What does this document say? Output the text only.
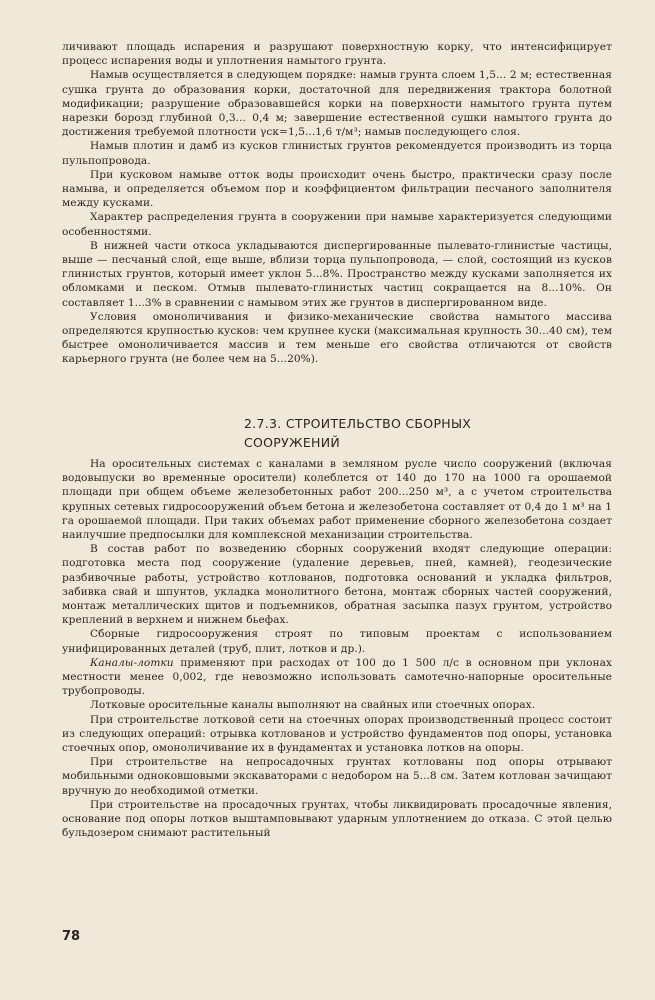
личивают площадь испарения и разрушают поверхностную корку, что интенсифицирует процесс испарения воды и уплотнения намытого грунта.

Намыв осуществляется в следующем порядке: намыв грунта слоем 1,5... 2 м; естественная сушка грунта до образования корки, достаточной для передвижения трактора болотной модификации; разрушение образовавшейся корки на поверхности намытого грунта путем нарезки борозд глубиной 0,3... 0,4 м; завершение естественной сушки намытого грунта до достижения требуемой плотности γск=1,5...1,6 т/м³; намыв последующего слоя.

Намыв плотин и дамб из кусков глинистых грунтов рекомендуется производить из торца пульпопровода.

При кусковом намыве отток воды происходит очень быстро, практически сразу после намыва, и определяется объемом пор и коэффициентом фильтрации песчаного заполнителя между кусками.

Характер распределения грунта в сооружении при намыве характеризуется следующими особенностями.

В нижней части откоса укладываются диспергированные пылевато-глинистые частицы, выше — песчаный слой, еще выше, вблизи торца пульпопровода, — слой, состоящий из кусков глинистых грунтов, который имеет уклон 5...8%. Пространство между кусками заполняется их обломками и песком. Отмыв пылевато-глинистых частиц сокращается на 8...10%. Он составляет 1...3% в сравнении с намывом этих же грунтов в диспергированном виде.

Условия омоноличивания и физико-механические свойства намытого массива определяются крупностью кусков: чем крупнее куски (максимальная крупность 30...40 см), тем быстрее омоноличивается массив и тем меньше его свойства отличаются от свойств карьерного грунта (не более чем на 5...20%).

2.7.3. СТРОИТЕЛЬСТВО СБОРНЫХ
СООРУЖЕНИЙ

На оросительных системах с каналами в земляном русле число сооружений (включая водовыпуски во временные оросители) колеблется от 140 до 170 на 1000 га орошаемой площади при общем объеме железобетонных работ 200...250 м³, а с учетом строительства крупных сетевых гидросооружений объем бетона и железобетона составляет от 0,4 до 1 м³ на 1 га орошаемой площади. При таких объемах работ применение сборного железобетона создает наилучшие предпосылки для комплексной механизации строительства.

В состав работ по возведению сборных сооружений входят следующие операции: подготовка места под сооружение (удаление деревьев, пней, камней), геодезические разбивочные работы, устройство котлованов, подготовка оснований и укладка фильтров, забивка свай и шпунтов, укладка монолитного бетона, монтаж сборных частей сооружений, монтаж металлических щитов и подъемников, обратная засыпка пазух грунтом, устройство креплений в верхнем и нижнем бьефах.

Сборные гидросооружения строят по типовым проектам с использованием унифицированных деталей (труб, плит, лотков и др.).

Каналы-лотки применяют при расходах от 100 до 1 500 л/с в основном при уклонах местности менее 0,002, где невозможно использовать самотечно-напорные оросительные трубопроводы.

Лотковые оросительные каналы выполняют на свайных или стоечных опорах.

При строительстве лотковой сети на стоечных опорах производственный процесс состоит из следующих операций: отрывка котлованов и устройство фундаментов под опоры, установка стоечных опор, омоноличивание их в фундаментах и установка лотков на опоры.

При строительстве на непросадочных грунтах котлованы под опоры отрывают мобильными одноковшовыми экскаваторами с недобором на 5...8 см. Затем котлован зачищают вручную до необходимой отметки.

При строительстве на просадочных грунтах, чтобы ликвидировать просадочные явления, основание под опоры лотков выштамповывают ударным уплотнением до отказа. С этой целью бульдозером снимают растительный

78
